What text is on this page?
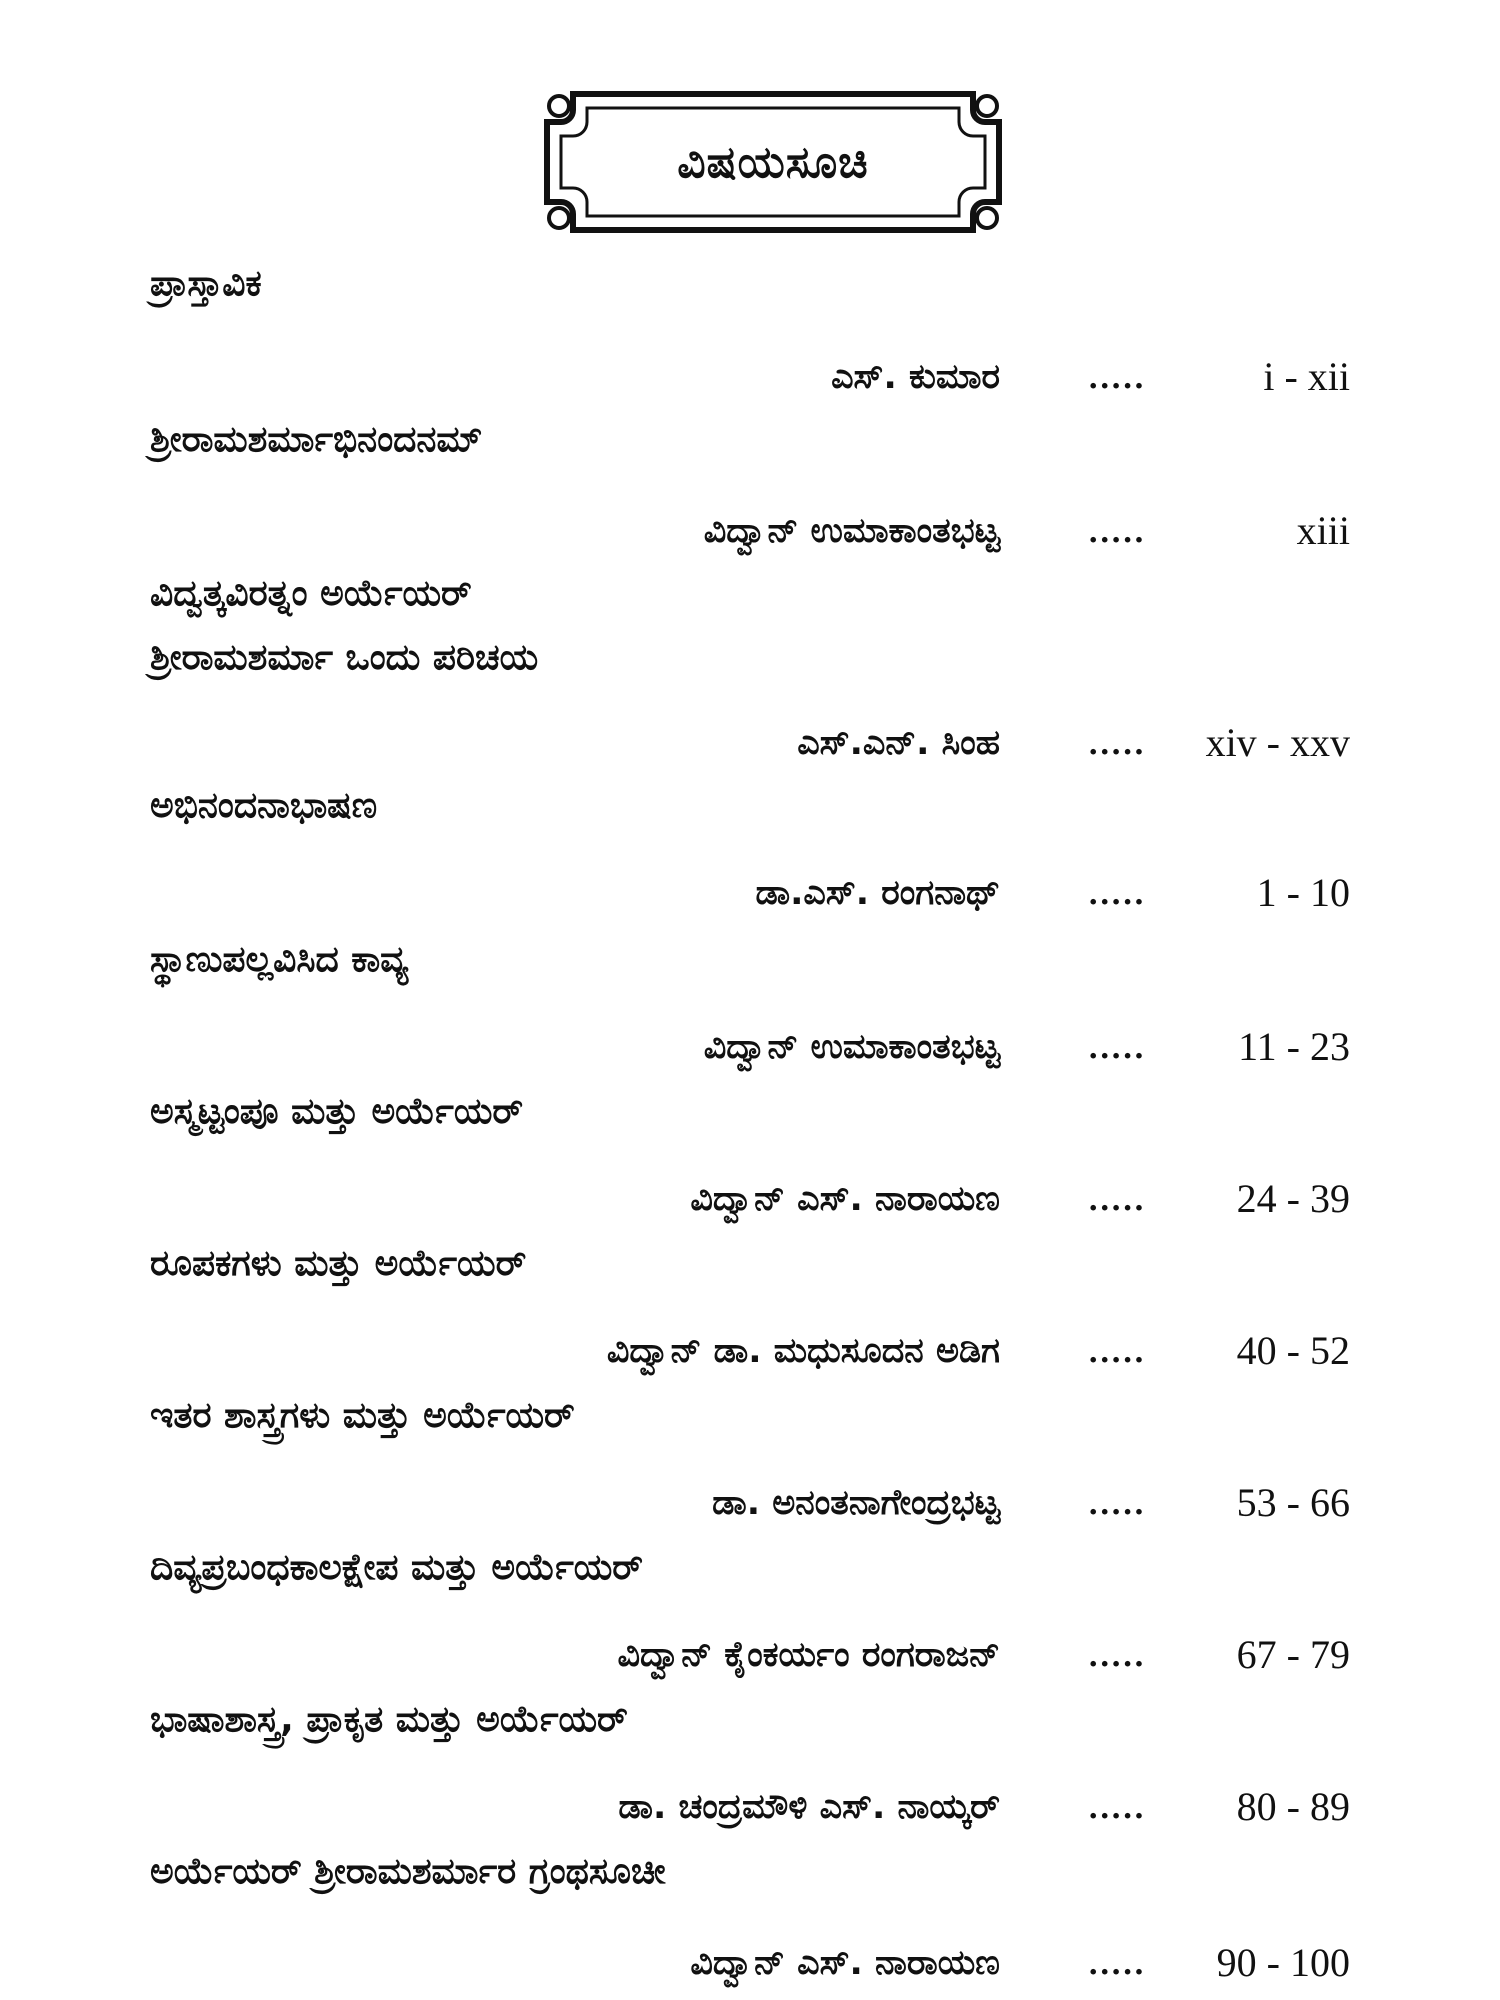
ವಿಷಯಸೂಚಿ
ಪ್ರಾಸ್ತಾವಿಕ
ಎಸ್. ಕುಮಾರ	.....	i - xii
ಶ್ರೀರಾಮಶರ್ಮಾಭಿನಂದನಮ್
ವಿದ್ವಾನ್ ಉಮಾಕಾಂತಭಟ್ಟ	.....	xiii
ವಿದ್ವತ್ಕವಿರತ್ನಂ ಅರ್ಯೆಯರ್
ಶ್ರೀರಾಮಶರ್ಮಾ ಒಂದು ಪರಿಚಯ
ಎಸ್.ಎನ್. ಸಿಂಹ	..... xiv - xxv
ಅಭಿನಂದನಾಭಾಷಣ
ಡಾ.ಎಸ್. ರಂಗನಾಥ್	.....	1 - 10
ಸ್ಥಾಣುಪಲ್ಲವಿಸಿದ ಕಾವ್ಯ
ವಿದ್ವಾನ್ ಉಮಾಕಾಂತಭಟ್ಟ	..... 11 - 23
ಅಸ್ಮಟ್ಟಂಪೂ ಮತ್ತು ಅರ್ಯೆಯರ್
ವಿದ್ವಾನ್ ಎಸ್. ನಾರಾಯಣ	..... 24 - 39
ರೂಪಕಗಳು ಮತ್ತು ಅರ್ಯೆಯರ್
ವಿದ್ವಾನ್ ಡಾ. ಮಧುಸೂದನ ಅಡಿಗ	..... 40 - 52
ಇತರ ಶಾಸ್ತ್ರಗಳು ಮತ್ತು ಅರ್ಯೆಯರ್
ಡಾ. ಅನಂತನಾಗೇಂದ್ರಭಟ್ಟ	..... 53 - 66
ದಿವ್ಯಪ್ರಬಂಧಕಾಲಕ್ಷೇಪ ಮತ್ತು ಅರ್ಯೆಯರ್
ವಿದ್ವಾನ್ ಕೈಂಕರ್ಯಂ ರಂಗರಾಜನ್	..... 67 - 79
ಭಾಷಾಶಾಸ್ತ್ರ, ಪ್ರಾಕೃತ ಮತ್ತು ಅರ್ಯೆಯರ್
ಡಾ. ಚಂದ್ರಮೌಳಿ ಎಸ್. ನಾಯ್ಕರ್	..... 80 - 89
ಅರ್ಯೆಯರ್ ಶ್ರೀರಾಮಶರ್ಮಾರ ಗ್ರಂಥಸೂಚೀ
ವಿದ್ವಾನ್ ಎಸ್. ನಾರಾಯಣ	..... 90 - 100
